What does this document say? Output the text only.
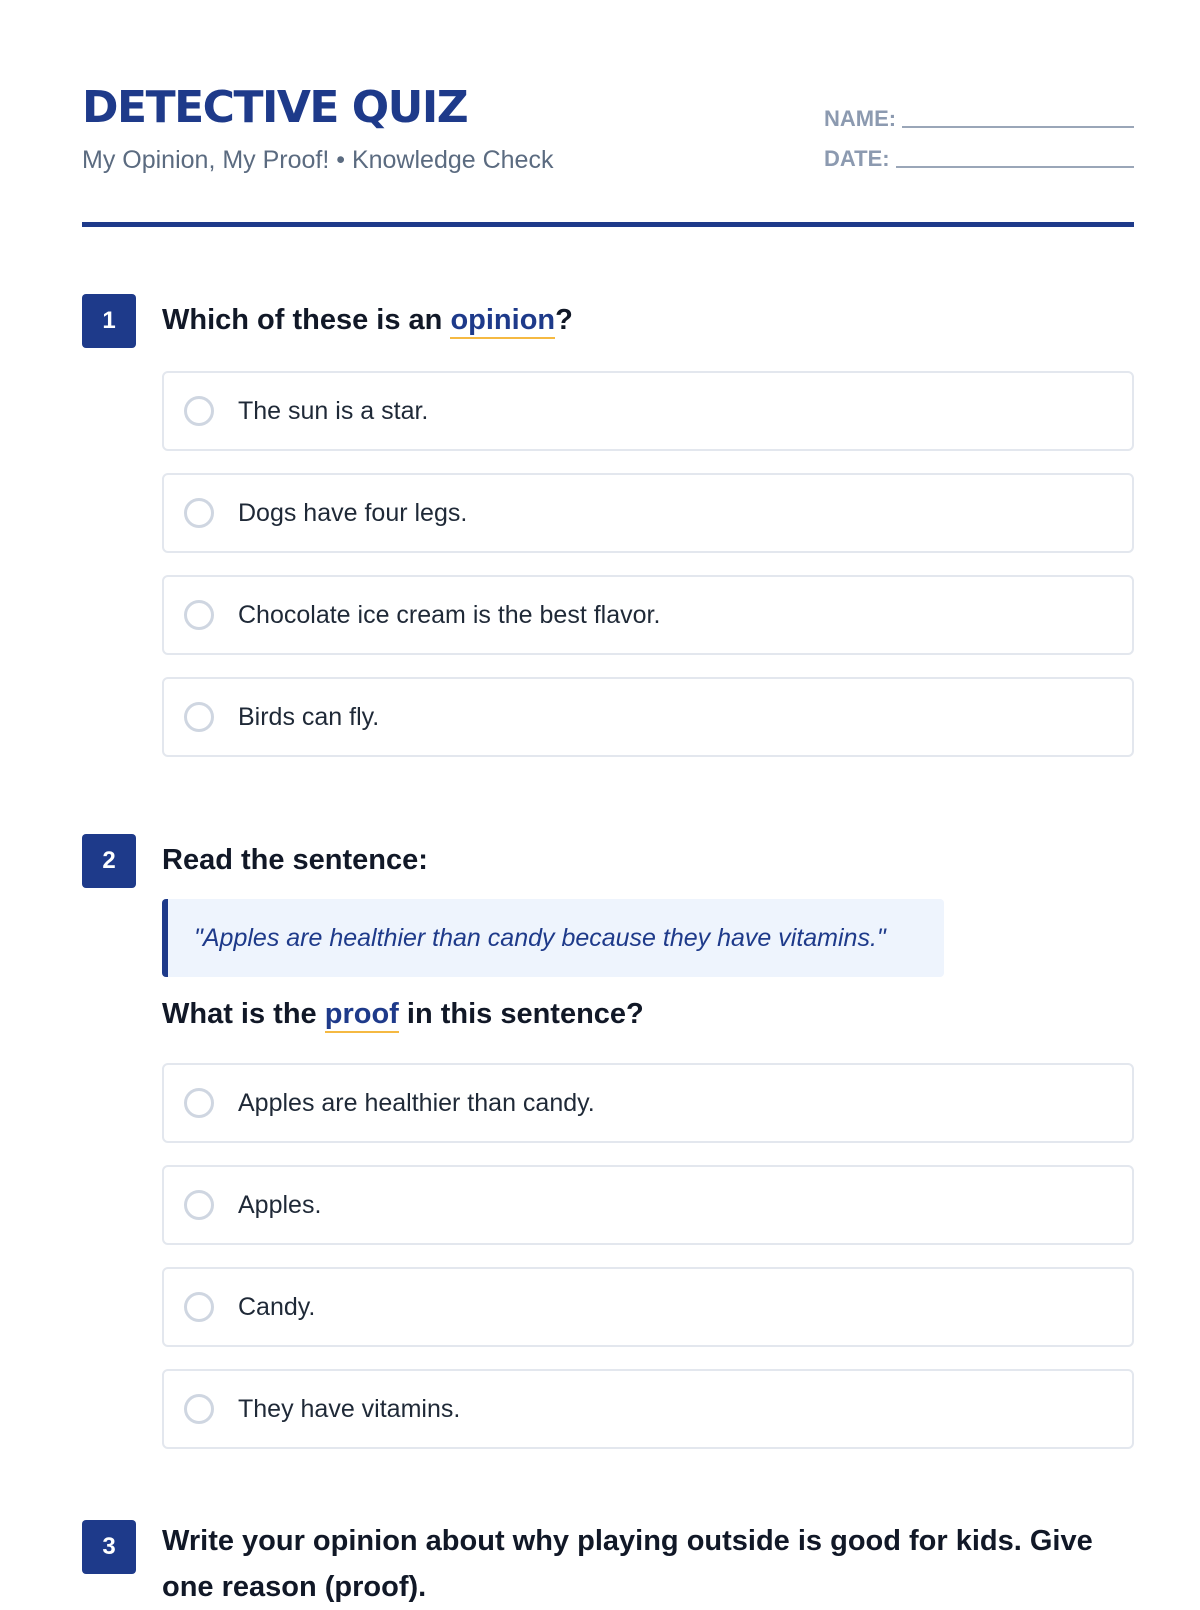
DETECTIVE QUIZ
My Opinion, My Proof! • Knowledge Check
NAME:
DATE:
1	Which of these is an opinion?

The sun is a star.
Dogs have four legs.
Chocolate ice cream is the best flavor.
Birds can fly.
2	Read the sentence:

"Apples are healthier than candy because they have vitamins."

What is the proof in this sentence?

Apples are healthier than candy.
Apples.
Candy.
They have vitamins.
3	Write your opinion about why playing outside is good for kids. Give one reason (proof).
